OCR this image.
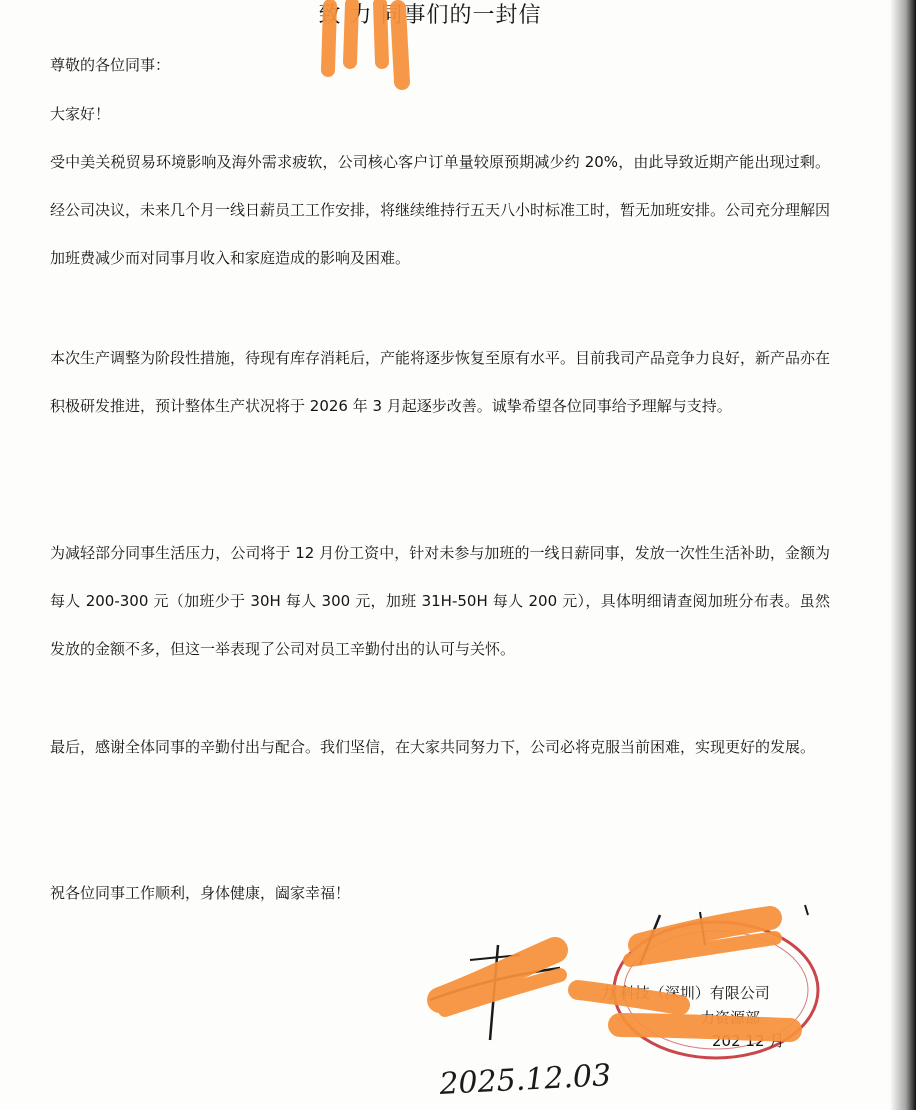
致 力 同事们的一封信
尊敬的各位同事：
大家好！
受中美关税贸易环境影响及海外需求疲软，公司核心客户订单量较原预期减少约 20%，由此导致近期产能出现过剩。经公司决议，未来几个月一线日薪员工工作安排，将继续维持行五天八小时标准工时，暂无加班安排。公司充分理解因加班费减少而对同事月收入和家庭造成的影响及困难。
本次生产调整为阶段性措施，待现有库存消耗后，产能将逐步恢复至原有水平。目前我司产品竞争力良好，新产品亦在积极研发推进，预计整体生产状况将于 2026 年 3 月起逐步改善。诚挚希望各位同事给予理解与支持。
为减轻部分同事生活压力，公司将于 12 月份工资中，针对未参与加班的一线日薪同事，发放一次性生活补助，金额为每人 200-300 元（加班少于 30H 每人 300 元，加班 31H-50H 每人 200 元），具体明细请查阅加班分布表。虽然发放的金额不多，但这一举表现了公司对员工辛勤付出的认可与关怀。
最后，感谢全体同事的辛勤付出与配合。我们坚信，在大家共同努力下，公司必将克服当前困难，实现更好的发展。
祝各位同事工作顺利，身体健康，阖家幸福！
力 科技（深圳）有限公司
力资源部
202 12 月
2025.12.03
